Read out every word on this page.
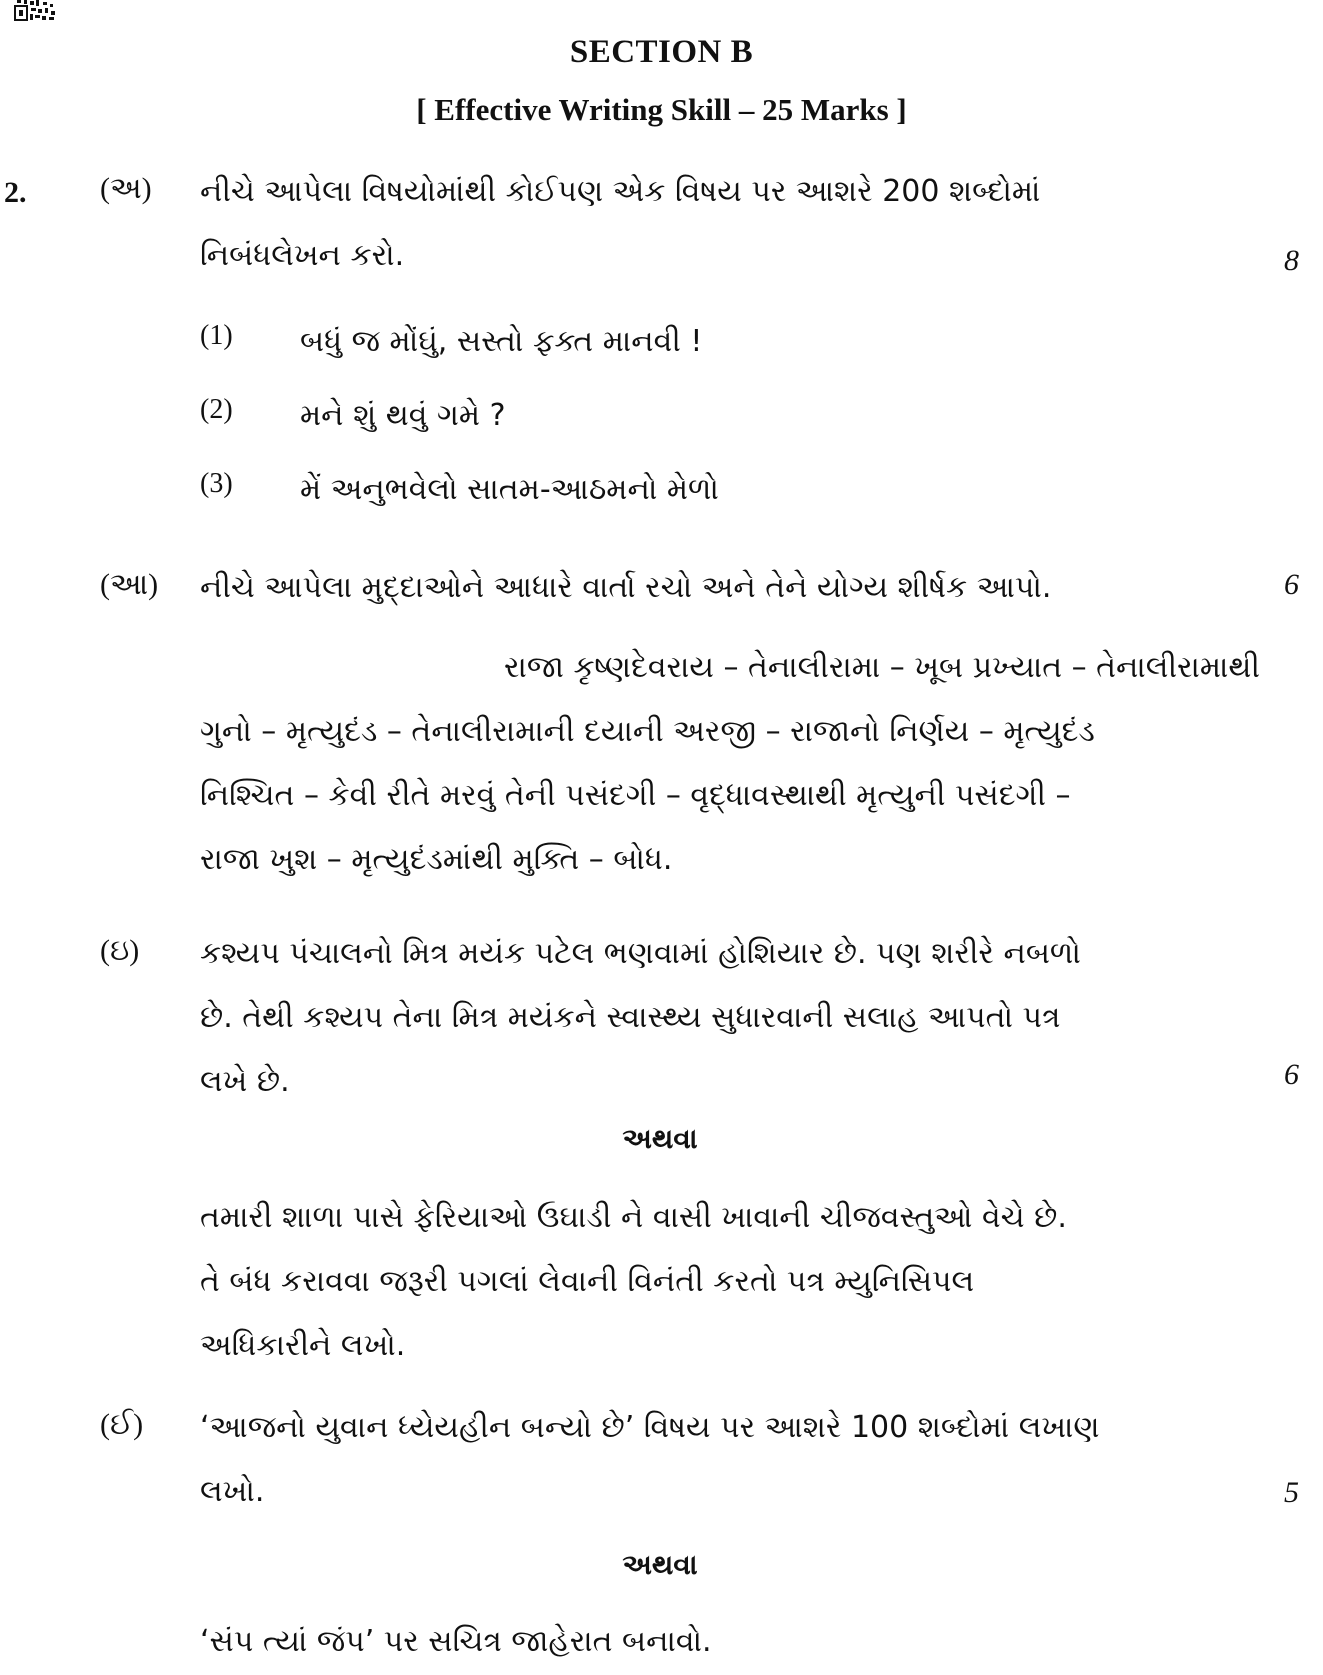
SECTION B
[ Effective Writing Skill – 25 Marks ]
2. (અ) નીચે આપેલા વિષયોમાંથી કોઈપણ એક વિષય પર આશરે 200 શબ્દોમાં
નિબંધલેખન કરો.	8
(1) બધું જ મોંઘું, સસ્તો ફક્ત માનવી !
(2) મને શું થવું ગમે ?
(3) મેં અનુભવેલો સાતમ-આઠમનો મેળો
(આ) નીચે આપેલા મુદ્દાઓને આધારે વાર્તા રચો અને તેને યોગ્ય શીર્ષક આપો.	6
રાજા કૃષ્ણદેવરાય – તેનાલીરામા – ખૂબ પ્રખ્યાત – તેનાલીરામાથી
ગુનો – મૃત્યુદંડ – તેનાલીરામાની દયાની અરજી – રાજાનો નિર્ણય – મૃત્યુદંડ
નિશ્ચિત – કેવી રીતે મરવું તેની પસંદગી – વૃદ્ધાવસ્થાથી મૃત્યુની પસંદગી –
રાજા ખુશ – મૃત્યુદંડમાંથી મુક્તિ – બોધ.
(ઇ) કશ્યપ પંચાલનો મિત્ર મયંક પટેલ ભણવામાં હોશિયાર છે. પણ શરીરે નબળો
છે. તેથી કશ્યપ તેના મિત્ર મયંકને સ્વાસ્થ્ય સુધારવાની સલાહ આપતો પત્ર
લખે છે.	6
અથવા
તમારી શાળા પાસે ફેરિયાઓ ઉઘાડી ને વાસી ખાવાની ચીજવસ્તુઓ વેચે છે.
તે બંધ કરાવવા જરૂરી પગલાં લેવાની વિનંતી કરતો પત્ર મ્યુનિસિપલ
અધિકારીને લખો.
(ઈ) ‘આજનો યુવાન ધ્યેયહીન બન્યો છે’ વિષય પર આશરે 100 શબ્દોમાં લખાણ
લખો.	5
અથવા
‘સંપ ત્યાં જંપ’ પર સચિત્ર જાહેરાત બનાવો.
